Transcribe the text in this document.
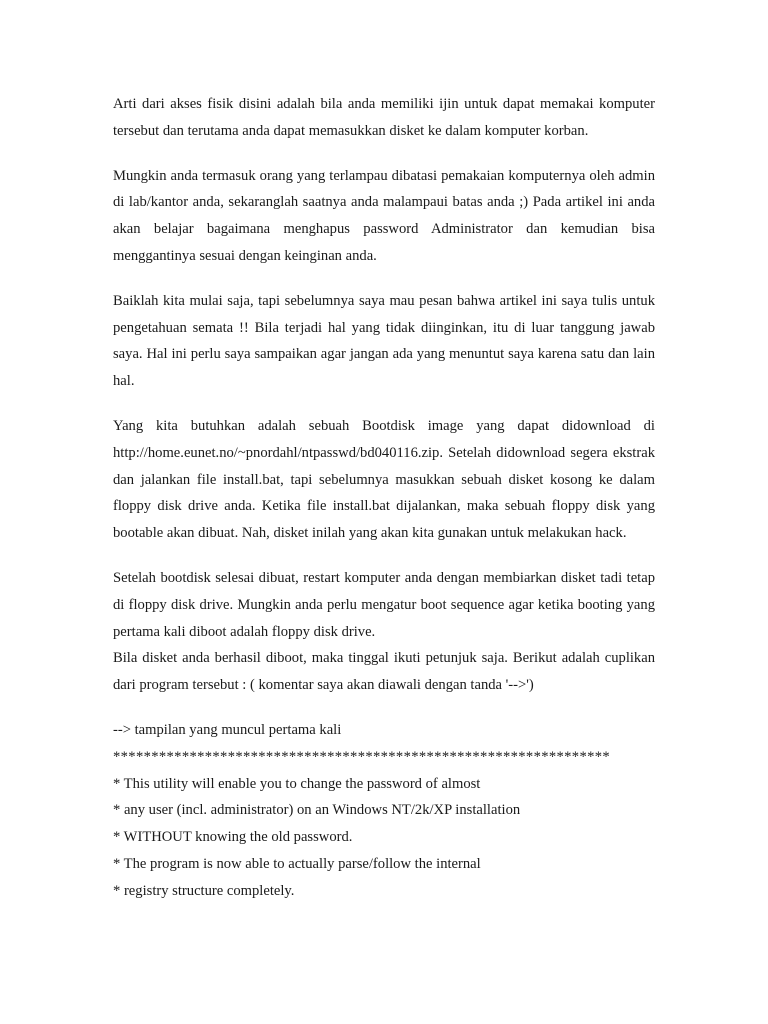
Arti dari akses fisik disini adalah bila anda memiliki ijin untuk dapat memakai komputer tersebut dan terutama anda dapat memasukkan disket ke dalam komputer korban.

Mungkin anda termasuk orang yang terlampau dibatasi pemakaian komputernya oleh admin di lab/kantor anda, sekaranglah saatnya anda malampaui batas anda ;) Pada artikel ini anda akan belajar bagaimana menghapus password Administrator dan kemudian bisa menggantinya sesuai dengan keinginan anda.

Baiklah kita mulai saja, tapi sebelumnya saya mau pesan bahwa artikel ini saya tulis untuk pengetahuan semata !! Bila terjadi hal yang tidak diinginkan, itu di luar tanggung jawab saya. Hal ini perlu saya sampaikan agar jangan ada yang menuntut saya karena satu dan lain hal.

Yang kita butuhkan adalah sebuah Bootdisk image yang dapat didownload di http://home.eunet.no/~pnordahl/ntpasswd/bd040116.zip. Setelah didownload segera ekstrak dan jalankan file install.bat, tapi sebelumnya masukkan sebuah disket kosong ke dalam floppy disk drive anda. Ketika file install.bat dijalankan, maka sebuah floppy disk yang bootable akan dibuat. Nah, disket inilah yang akan kita gunakan untuk melakukan hack.

Setelah bootdisk selesai dibuat, restart komputer anda dengan membiarkan disket tadi tetap di floppy disk drive. Mungkin anda perlu mengatur boot sequence agar ketika booting yang pertama kali diboot adalah floppy disk drive.

Bila disket anda berhasil diboot, maka tinggal ikuti petunjuk saja. Berikut adalah cuplikan dari program tersebut : ( komentar saya akan diawali dengan tanda '-->')

--> tampilan yang muncul pertama kali
*****************************************************************
* This utility will enable you to change the password of almost
* any user (incl. administrator) on an Windows NT/2k/XP installation
* WITHOUT knowing the old password.
* The program is now able to actually parse/follow the internal
* registry structure completely.
